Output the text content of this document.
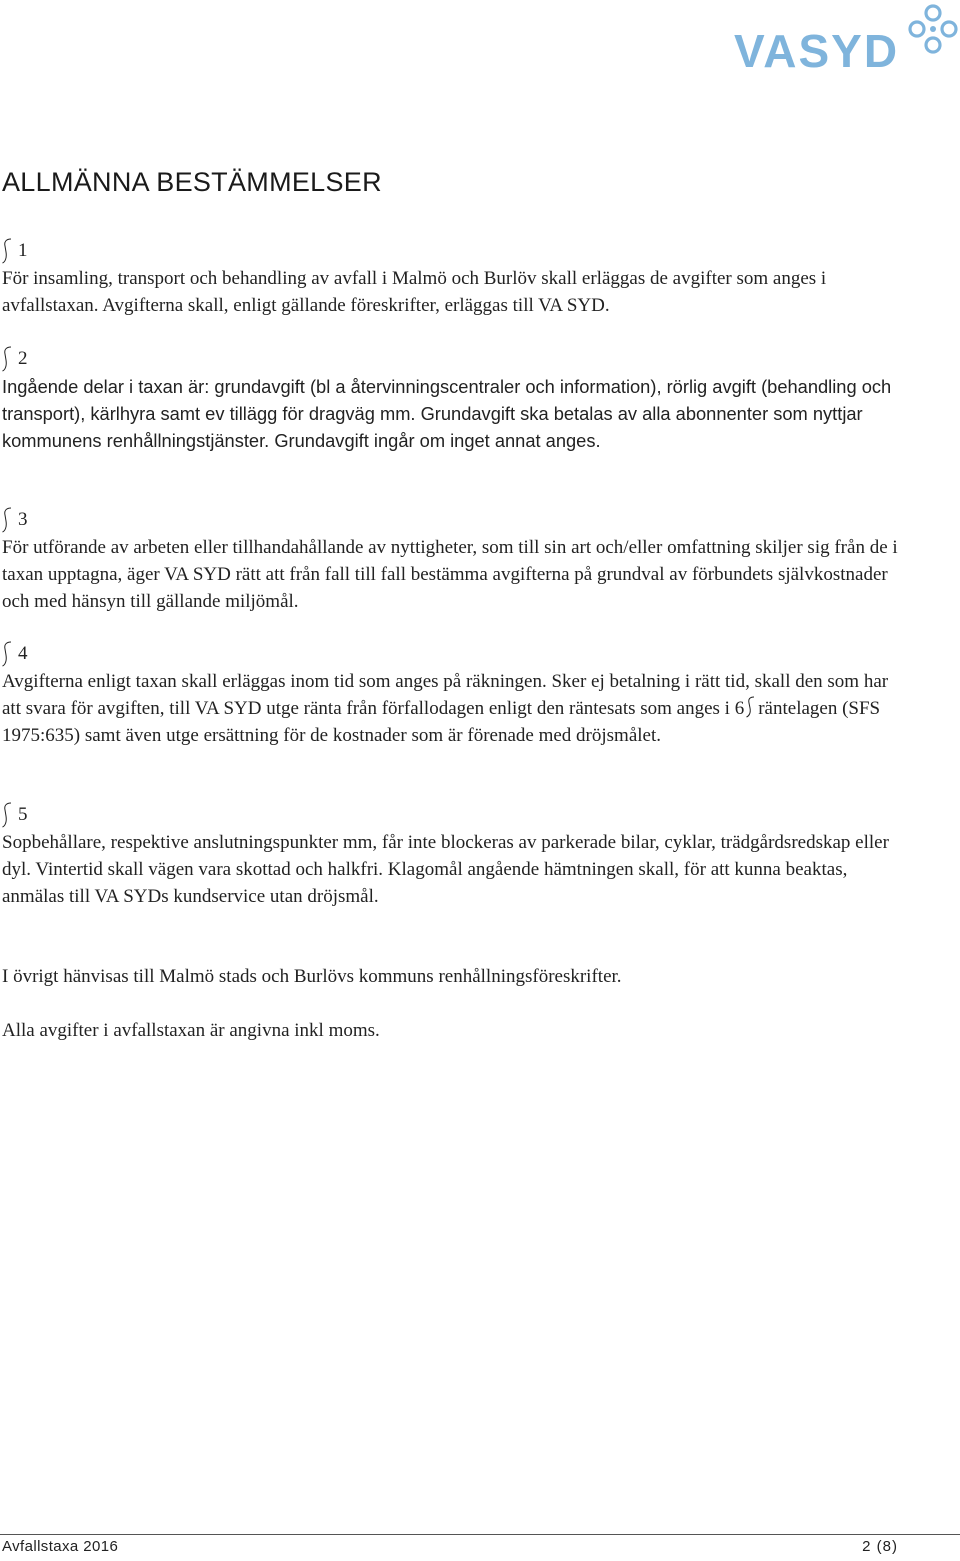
VASYD
ALLMÄNNA BESTÄMMELSER
1

För insamling, transport och behandling av avfall i Malmö och Burlöv skall erläggas de avgifter som anges i avfallstaxan. Avgifterna skall, enligt gällande föreskrifter, erläggas till VA SYD.

2

Ingående delar i taxan är: grundavgift (bl a återvinningscentraler och information), rörlig avgift (behandling och transport), kärlhyra samt ev tillägg för dragväg mm. Grundavgift ska betalas av alla abonnenter som nyttjar kommunens renhållningstjänster. Grundavgift ingår om inget annat anges.

3

För utförande av arbeten eller tillhandahållande av nyttigheter, som till sin art och/eller omfattning skiljer sig från de i taxan upptagna, äger VA SYD rätt att från fall till fall bestämma avgifterna på grundval av förbundets självkostnader och med hänsyn till gällande miljömål.

4

Avgifterna enligt taxan skall erläggas inom tid som anges på räkningen. Sker ej betalning i rätt tid, skall den som har att svara för avgiften, till VA SYD utge ränta från förfallodagen enligt den räntesats som anges i 6 räntelagen (SFS 1975:635) samt även utge ersättning för de kostnader som är förenade med dröjsmålet.

5

Sopbehållare, respektive anslutningspunkter mm, får inte blockeras av parkerade bilar, cyklar, trädgårdsredskap eller dyl. Vintertid skall vägen vara skottad och halkfri. Klagomål angående hämtningen skall, för att kunna beaktas, anmälas till VA SYDs kundservice utan dröjsmål.

I övrigt hänvisas till Malmö stads och Burlövs kommuns renhållningsföreskrifter.

Alla avgifter i avfallstaxan är angivna inkl moms.

Avfallstaxa 2016	2 (8)
